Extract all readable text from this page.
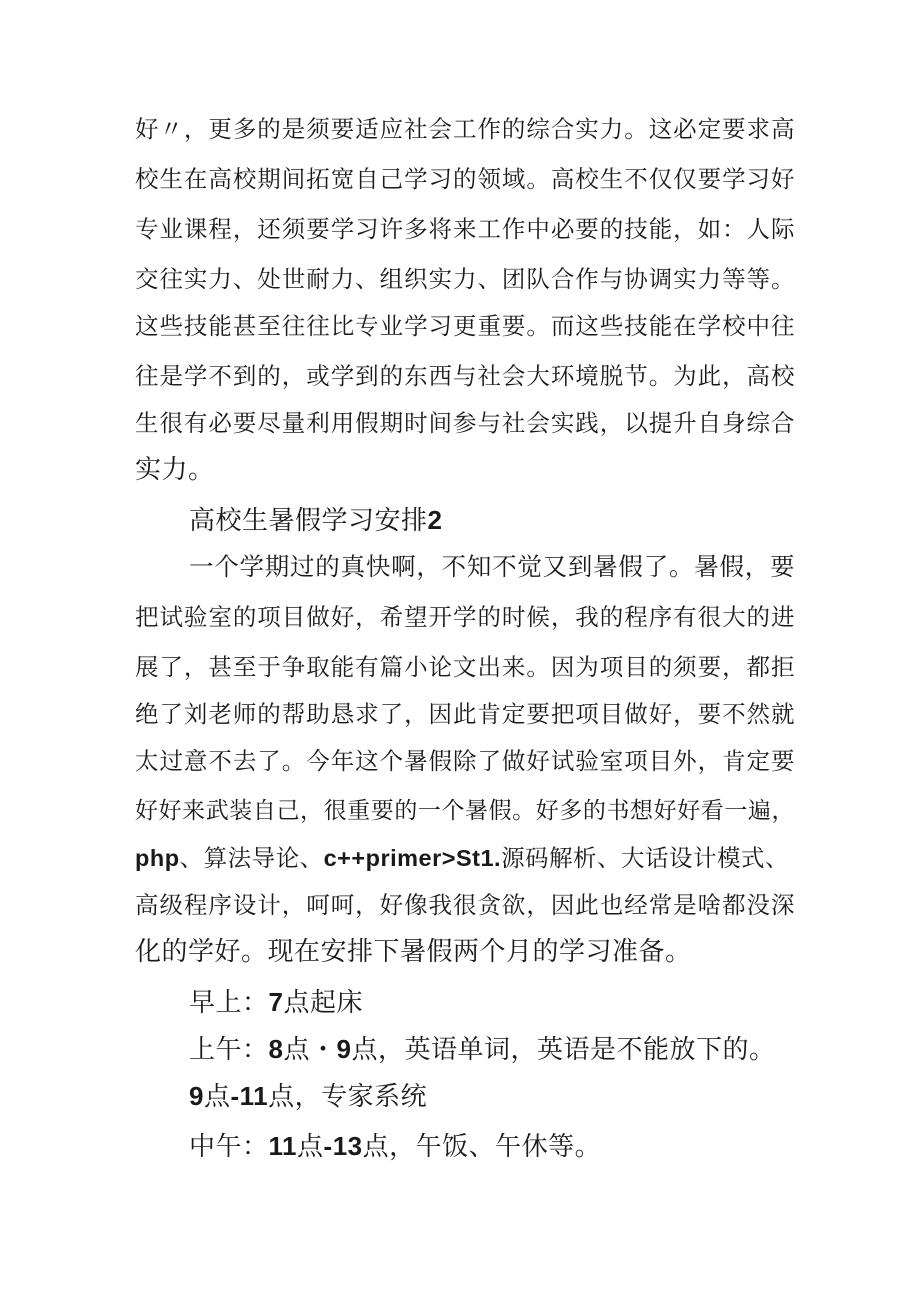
好〃，更多的是须要适应社会工作的综合实力。这必定要求高
校生在高校期间拓宽自己学习的领域。高校生不仅仅要学习好
专业课程，还须要学习许多将来工作中必要的技能，如：人际
交往实力、处世耐力、组织实力、团队合作与协调实力等等。
这些技能甚至往往比专业学习更重要。而这些技能在学校中往
往是学不到的，或学到的东西与社会大环境脱节。为此，高校
生很有必要尽量利用假期时间参与社会实践，以提升自身综合
实力。
高校生暑假学习安排2
一个学期过的真快啊，不知不觉又到暑假了。暑假，要
把试验室的项目做好，希望开学的时候，我的程序有很大的进
展了，甚至于争取能有篇小论文出来。因为项目的须要，都拒
绝了刘老师的帮助恳求了，因此肯定要把项目做好，要不然就
太过意不去了。今年这个暑假除了做好试验室项目外，肯定要
好好来武装自己，很重要的一个暑假。好多的书想好好看一遍，
php、算法导论、c++primer>St1.源码解析、大话设计模式、
高级程序设计，呵呵，好像我很贪欲，因此也经常是啥都没深
化的学好。现在安排下暑假两个月的学习准备。
早上：7点起床
上午：8点・9点，英语单词，英语是不能放下的。
9点-11点，专家系统
中午：11点-13点，午饭、午休等。
